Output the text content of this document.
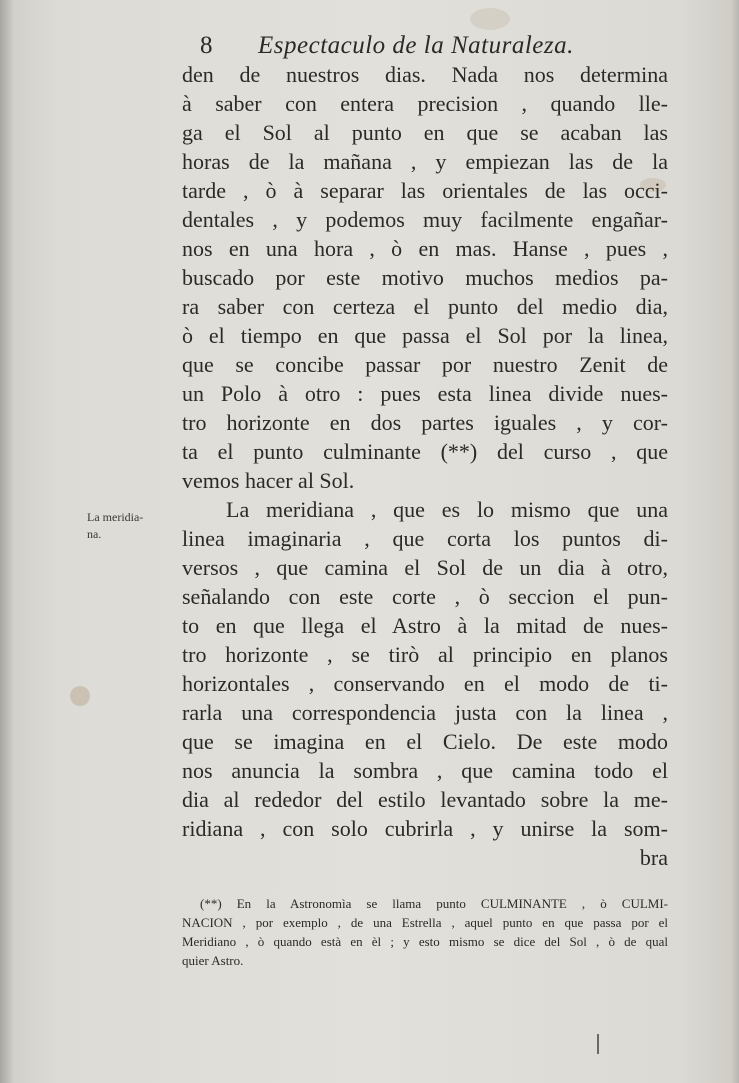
8 Espectaculo de la Naturaleza.
den de nuestros dias. Nada nos determina
à saber con entera precision , quando lle-
ga el Sol al punto en que se acaban las
horas de la mañana , y empiezan las de la
tarde , ò à separar las orientales de las occi-
dentales , y podemos muy facilmente engañar-
nos en una hora , ò en mas. Hanse , pues ,
buscado por este motivo muchos medios pa-
ra saber con certeza el punto del medio dia,
ò el tiempo en que passa el Sol por la linea,
que se concibe passar por nuestro Zenit de
un Polo à otro : pues esta linea divide nues-
tro horizonte en dos partes iguales , y cor-
ta el punto culminante (**) del curso , que
vemos hacer al Sol.
La meridiana , que es lo mismo que una
linea imaginaria , que corta los puntos di-
versos , que camina el Sol de un dia à otro,
señalando con este corte , ò seccion el pun-
to en que llega el Astro à la mitad de nues-
tro horizonte , se tirò al principio en planos
horizontales , conservando en el modo de ti-
rarla una correspondencia justa con la linea ,
que se imagina en el Cielo. De este modo
nos anuncia la sombra , que camina todo el
dia al rededor del estilo levantado sobre la me-
ridiana , con solo cubrirla , y unirse la som-
bra
La meridia-
na.
(**) En la Astronomìa se llama punto CULMINANTE , ò CULMI-
NACION , por exemplo , de una Estrella , aquel punto en que passa por el
Meridiano , ò quando està en èl ; y esto mismo se dice del Sol , ò de qual
quier Astro.
